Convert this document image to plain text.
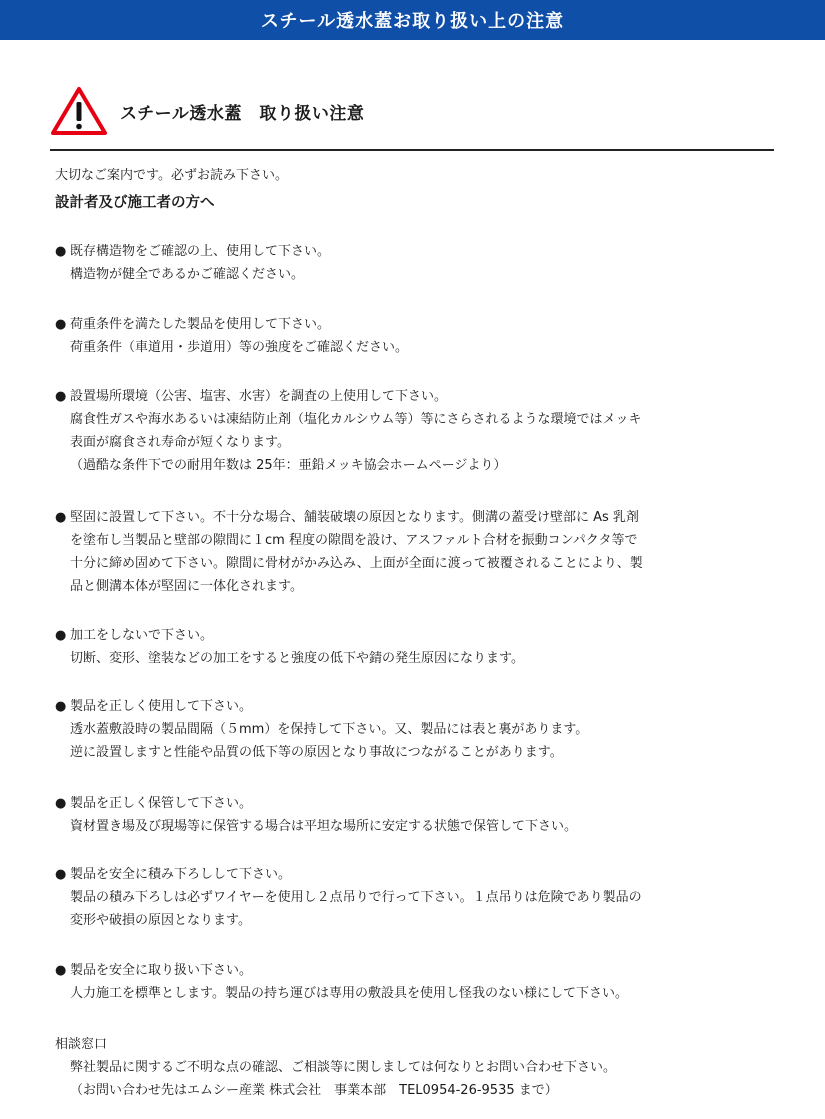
スチール透水蓋お取り扱い上の注意
スチール透水蓋　取り扱い注意
大切なご案内です。必ずお読み下さい。
設計者及び施工者の方へ
● 既存構造物をご確認の上、使用して下さい。
構造物が健全であるかご確認ください。
● 荷重条件を満たした製品を使用して下さい。
荷重条件（車道用・歩道用）等の強度をご確認ください。
● 設置場所環境（公害、塩害、水害）を調査の上使用して下さい。
腐食性ガスや海水あるいは凍結防止剤（塩化カルシウム等）等にさらされるような環境ではメッキ
表面が腐食され寿命が短くなります。
（過酷な条件下での耐用年数は 25年：亜鉛メッキ協会ホームページより）
● 堅固に設置して下さい。不十分な場合、舗装破壊の原因となります。側溝の蓋受け壁部に As 乳剤
を塗布し当製品と壁部の隙間に１cm 程度の隙間を設け、アスファルト合材を振動コンパクタ等で
十分に締め固めて下さい。隙間に骨材がかみ込み、上面が全面に渡って被覆されることにより、製
品と側溝本体が堅固に一体化されます。
● 加工をしないで下さい。
切断、変形、塗装などの加工をすると強度の低下や錆の発生原因になります。
● 製品を正しく使用して下さい。
透水蓋敷設時の製品間隔（５mm）を保持して下さい。又、製品には表と裏があります。
逆に設置しますと性能や品質の低下等の原因となり事故につながることがあります。
● 製品を正しく保管して下さい。
資材置き場及び現場等に保管する場合は平坦な場所に安定する状態で保管して下さい。
● 製品を安全に積み下ろしして下さい。
製品の積み下ろしは必ずワイヤーを使用し２点吊りで行って下さい。１点吊りは危険であり製品の
変形や破損の原因となります。
● 製品を安全に取り扱い下さい。
人力施工を標準とします。製品の持ち運びは専用の敷設具を使用し怪我のない様にして下さい。
相談窓口
弊社製品に関するご不明な点の確認、ご相談等に関しましては何なりとお問い合わせ下さい。
（お問い合わせ先はエムシー産業 株式会社　事業本部　TEL0954-26-9535 まで）
